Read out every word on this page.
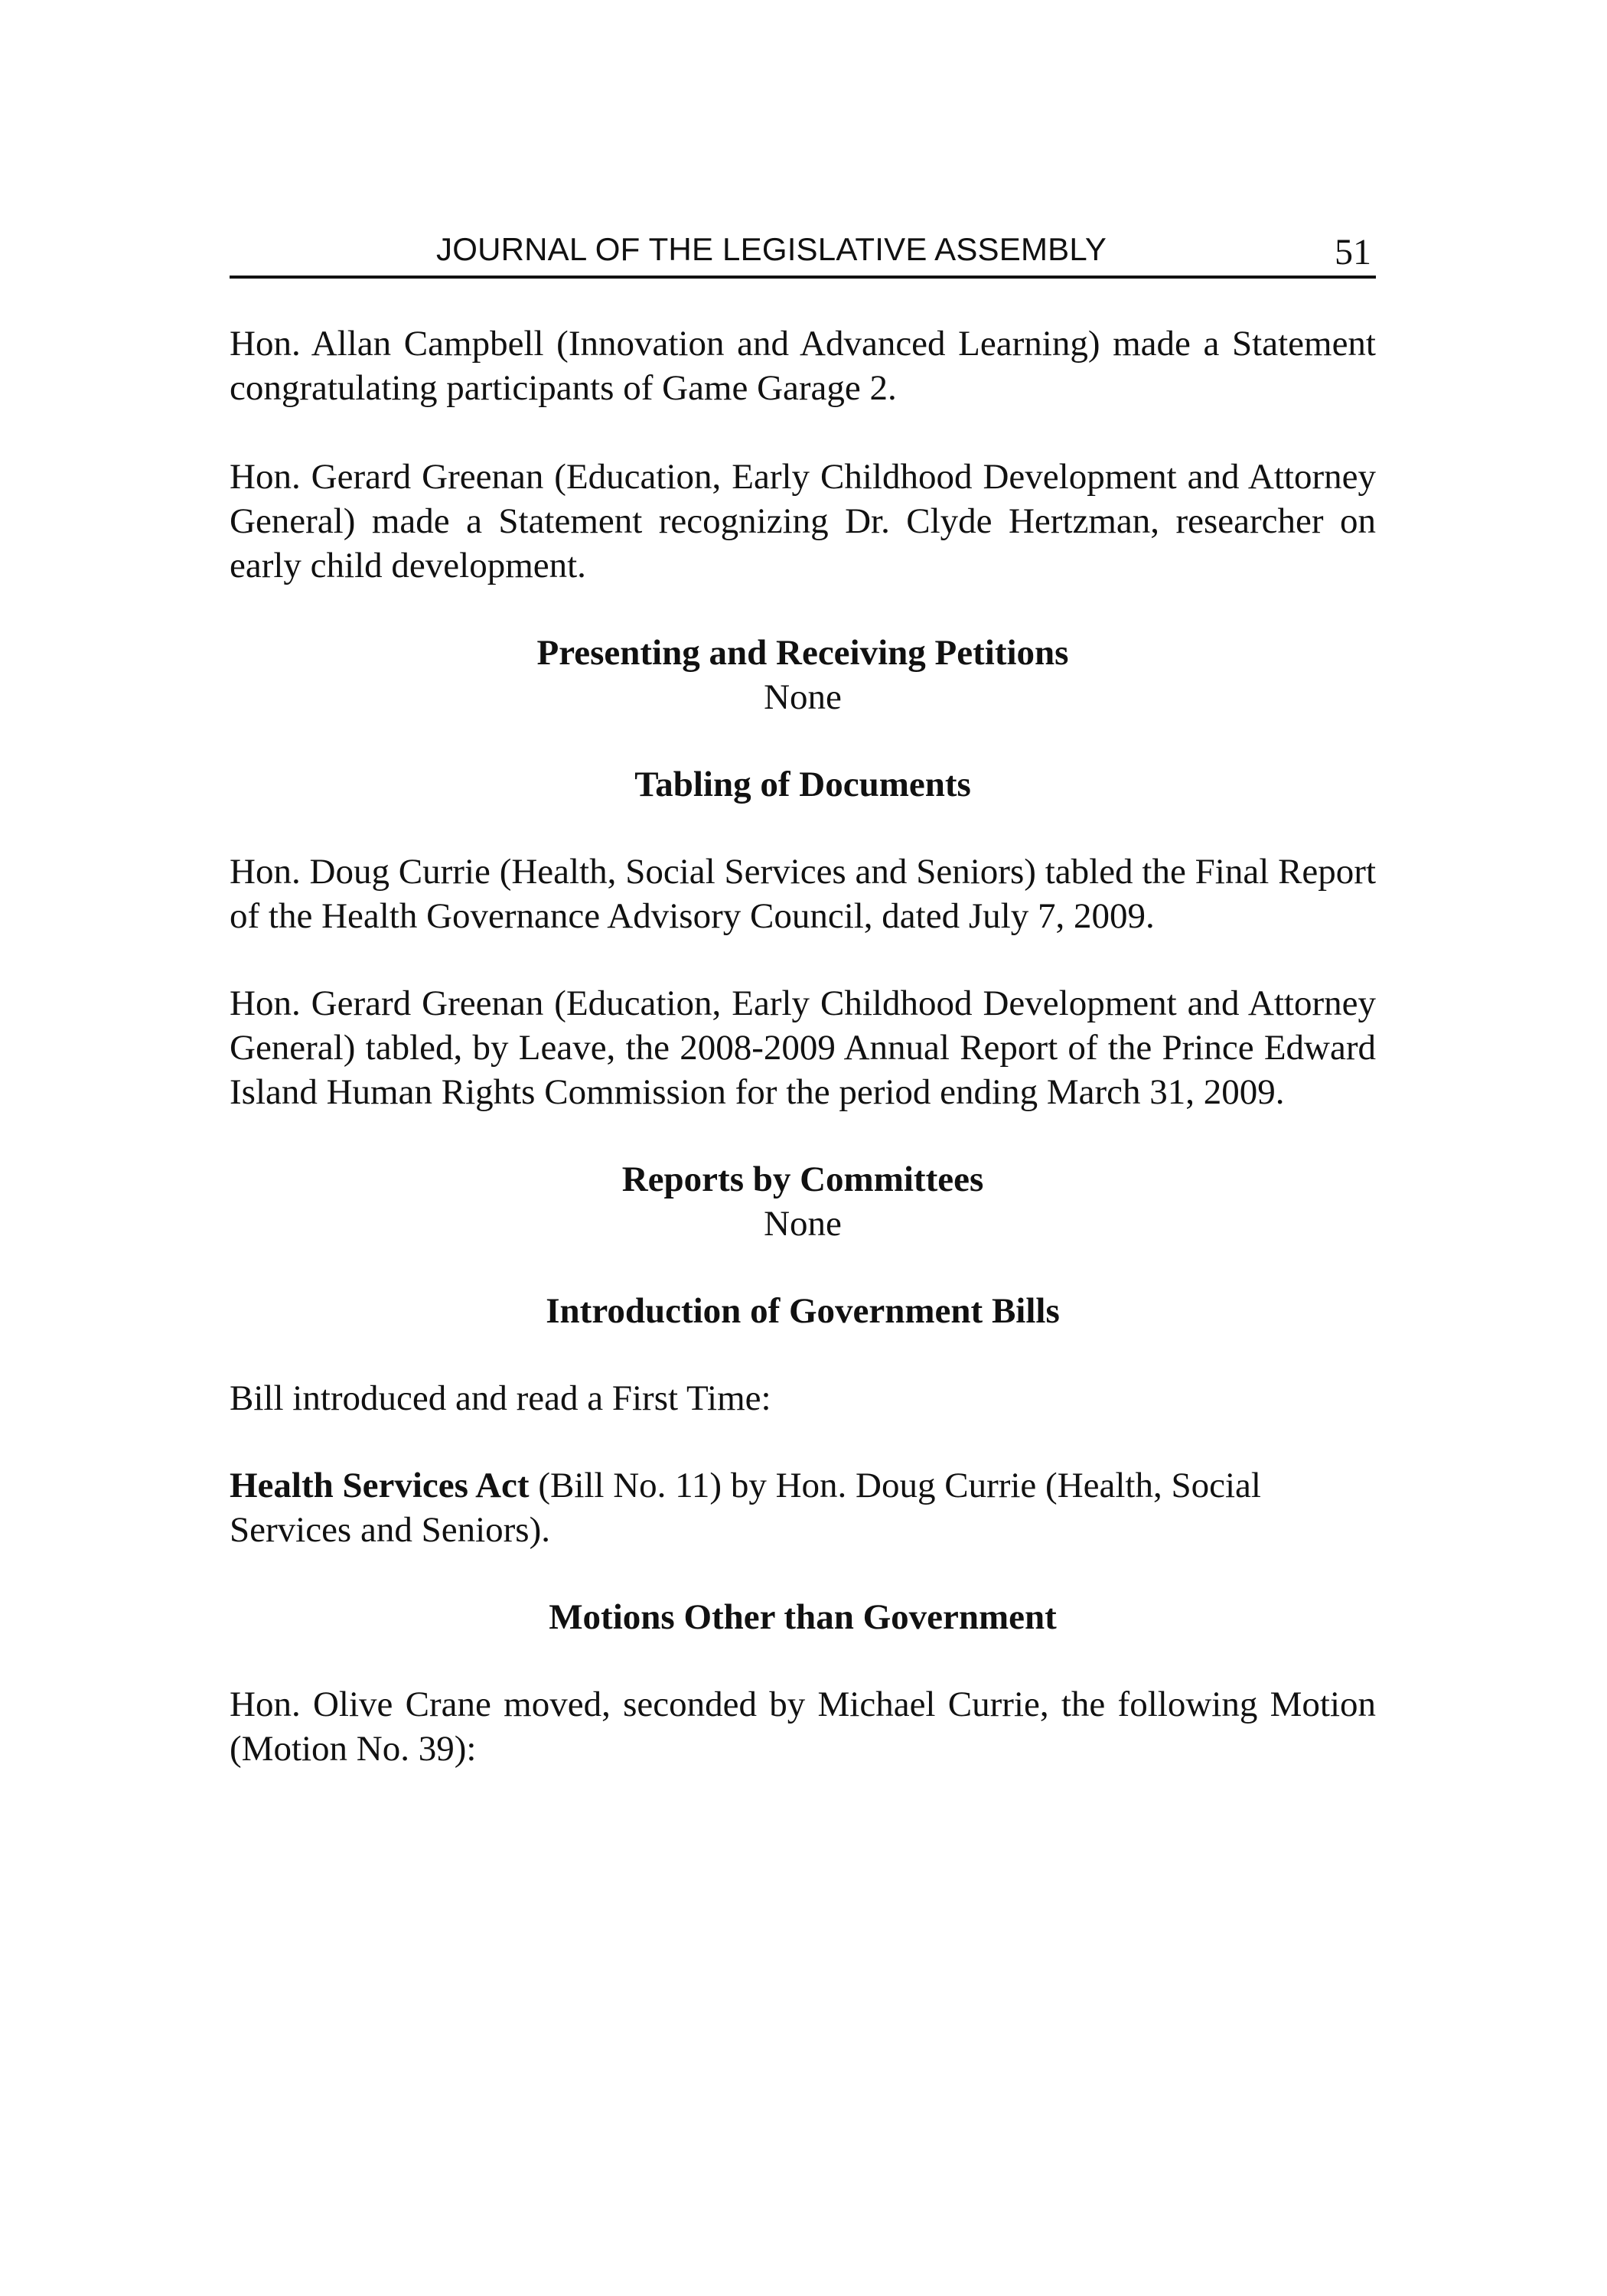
JOURNAL OF THE LEGISLATIVE ASSEMBLY	51

Hon. Allan Campbell (Innovation and Advanced Learning) made a Statement congratulating participants of Game Garage 2.

Hon. Gerard Greenan (Education, Early Childhood Development and Attorney General) made a Statement recognizing Dr. Clyde Hertzman, researcher on early child development.

Presenting and Receiving Petitions

None

Tabling of Documents

Hon. Doug Currie (Health, Social Services and Seniors) tabled the Final Report of the Health Governance Advisory Council, dated July 7, 2009.

Hon. Gerard Greenan (Education, Early Childhood Development and Attorney General) tabled, by Leave, the 2008-2009 Annual Report of the Prince Edward Island Human Rights Commission for the period ending March 31, 2009.

Reports by Committees

None

Introduction of Government Bills

Bill introduced and read a First Time:

Health Services Act (Bill No. 11) by Hon. Doug Currie (Health, Social Services and Seniors).

Motions Other than Government

Hon. Olive Crane moved, seconded by Michael Currie, the following Motion (Motion No. 39):
